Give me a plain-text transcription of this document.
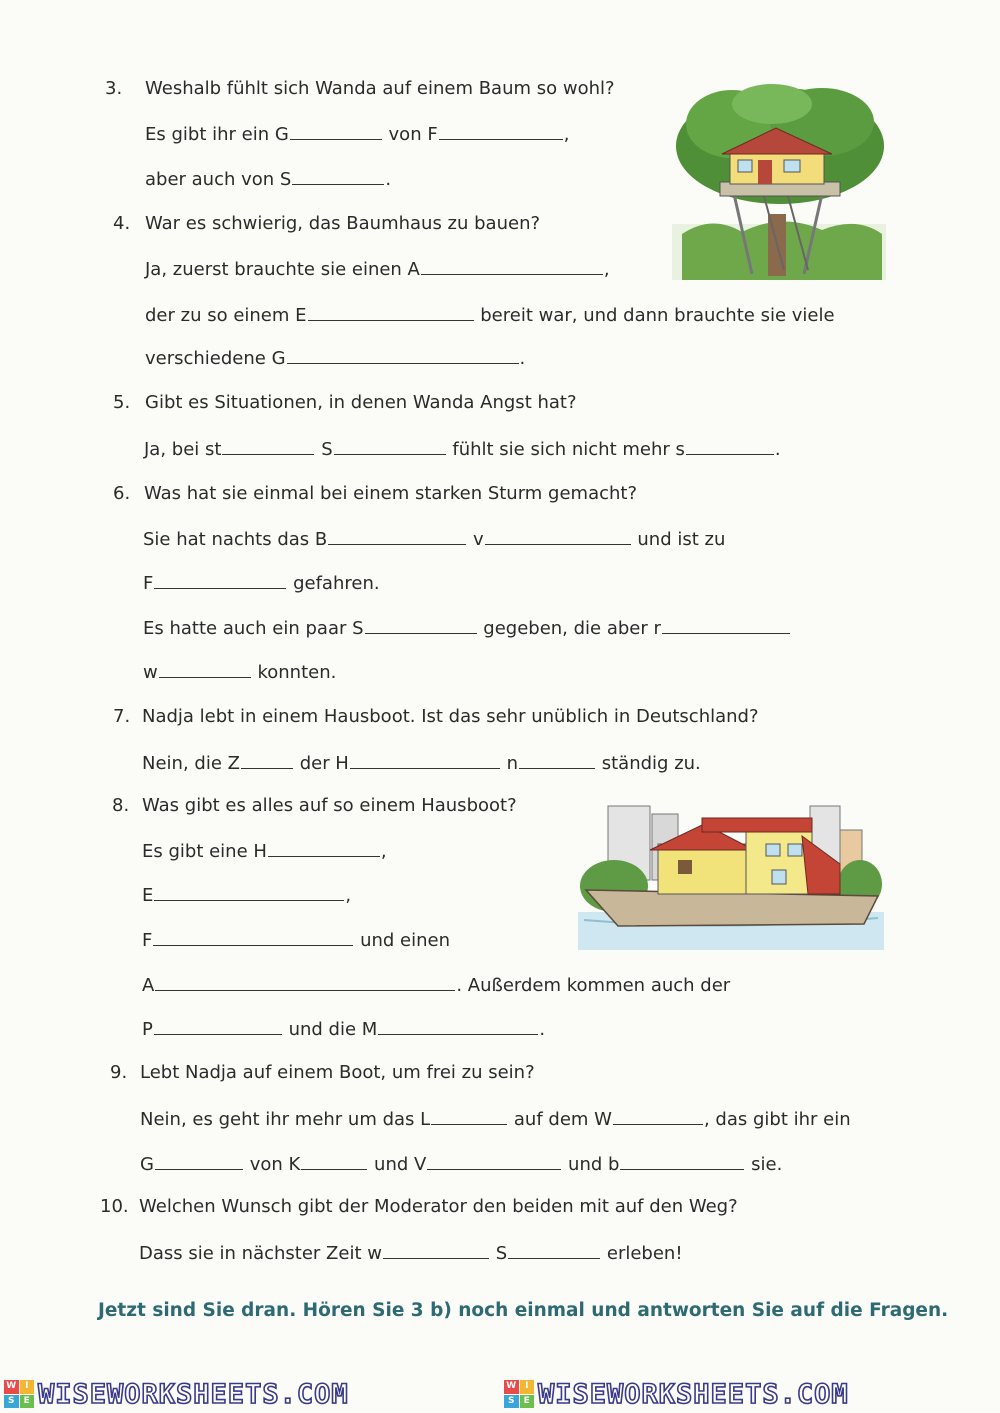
3. Weshalb fühlt sich Wanda auf einem Baum so wohl?
Es gibt ihr ein G	von F	,
aber auch von S	.
4. War es schwierig, das Baumhaus zu bauen?
Ja, zuerst brauchte sie einen A	,
der zu so einem E	bereit war, und dann brauchte sie viele
verschiedene G	.
5. Gibt es Situationen, in denen Wanda Angst hat?
Ja, bei st	S	fühlt sie sich nicht mehr s	.
6. Was hat sie einmal bei einem starken Sturm gemacht?
Sie hat nachts das B	v	und ist zu
F	gefahren.
Es hatte auch ein paar S	gegeben, die aber r
w	konnten.
7. Nadja lebt in einem Hausboot. Ist das sehr unüblich in Deutschland?
Nein, die Z	der H	n	ständig zu.
8. Was gibt es alles auf so einem Hausboot?
Es gibt eine H	,
E	,
F	und einen
A	. Außerdem kommen auch der
P	und die M	.
9. Lebt Nadja auf einem Boot, um frei zu sein?
Nein, es geht ihr mehr um das L	auf dem W	, das gibt ihr ein
G	von K	und V	und b	sie.
10. Welchen Wunsch gibt der Moderator den beiden mit auf den Weg?
Dass sie in nächster Zeit w	S	erleben!
Jetzt sind Sie dran. Hören Sie 3 b) noch einmal und antworten Sie auf die Fragen.
W I
S	E WISEWORKSHEETS.COM	W I
S	E WISEWORKSHEETS.COM
